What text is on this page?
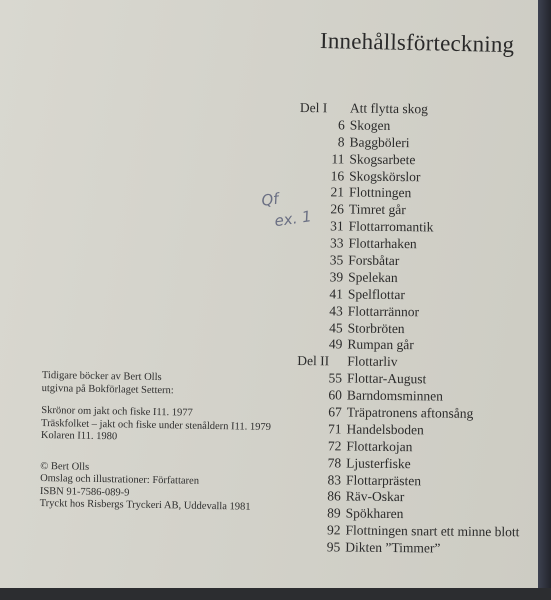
Innehållsförteckning
Del I Att flytta skog
6 Skogen
8 Baggböleri
11 Skogsarbete
16 Skogskörslor
21 Flottningen
26 Timret går
31 Flottarromantik
33 Flottarhaken
35 Forsbåtar
39 Spelekan
41 Spelflottar
43 Flottarrännor
45 Storbröten
49 Rumpan går
Del II Flottarliv
55 Flottar-August
60 Barndomsminnen
67 Träpatronens aftonsång
71 Handelsboden
72 Flottarkojan
78 Ljusterfiske
83 Flottarprästen
86 Räv-Oskar
89 Spökharen
92 Flottningen snart ett minne blott
95 Dikten ”Timmer”
Qf
ex. 1

Tidigare böcker av Bert Olls

utgivna på Bokförlaget Settern:

Skrönor om jakt och fiske I11. 1977

Träskfolket – jakt och fiske under stenåldern I11. 1979

Kolaren I11. 1980

© Bert Olls

Omslag och illustrationer: Författaren

ISBN 91-7586-089-9

Tryckt hos Risbergs Tryckeri AB, Uddevalla 1981
